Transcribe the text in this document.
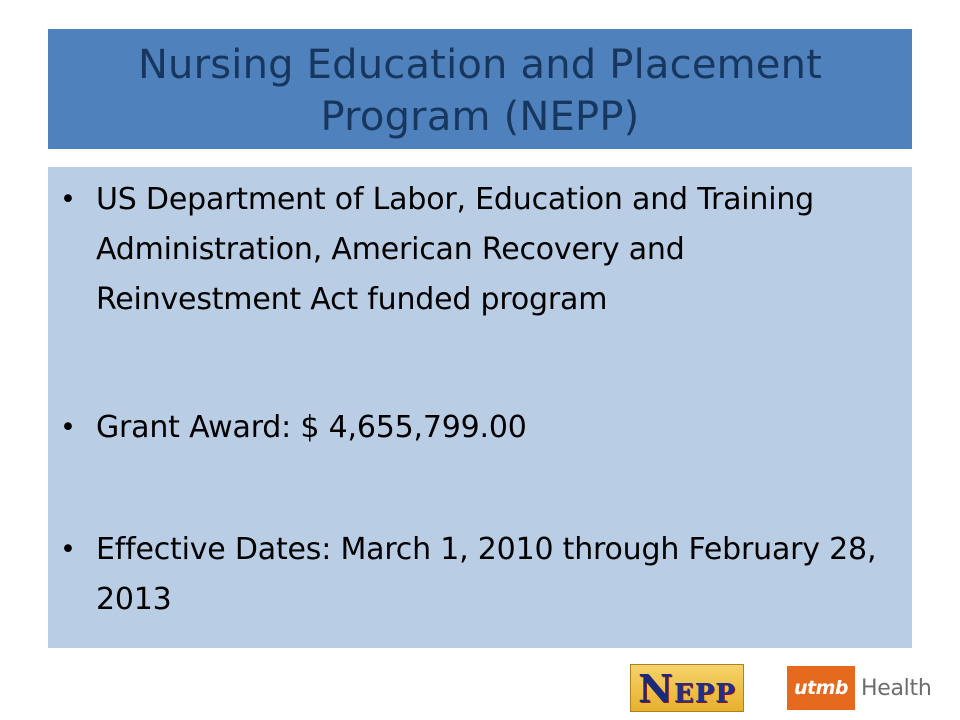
Nursing Education and Placement Program (NEPP)
• US Department of Labor, Education and Training Administration, American Recovery and Reinvestment Act funded program
• Grant Award: $ 4,655,799.00
• Effective Dates: March 1, 2010 through February 28, 2013
NEPP	utmb Health
